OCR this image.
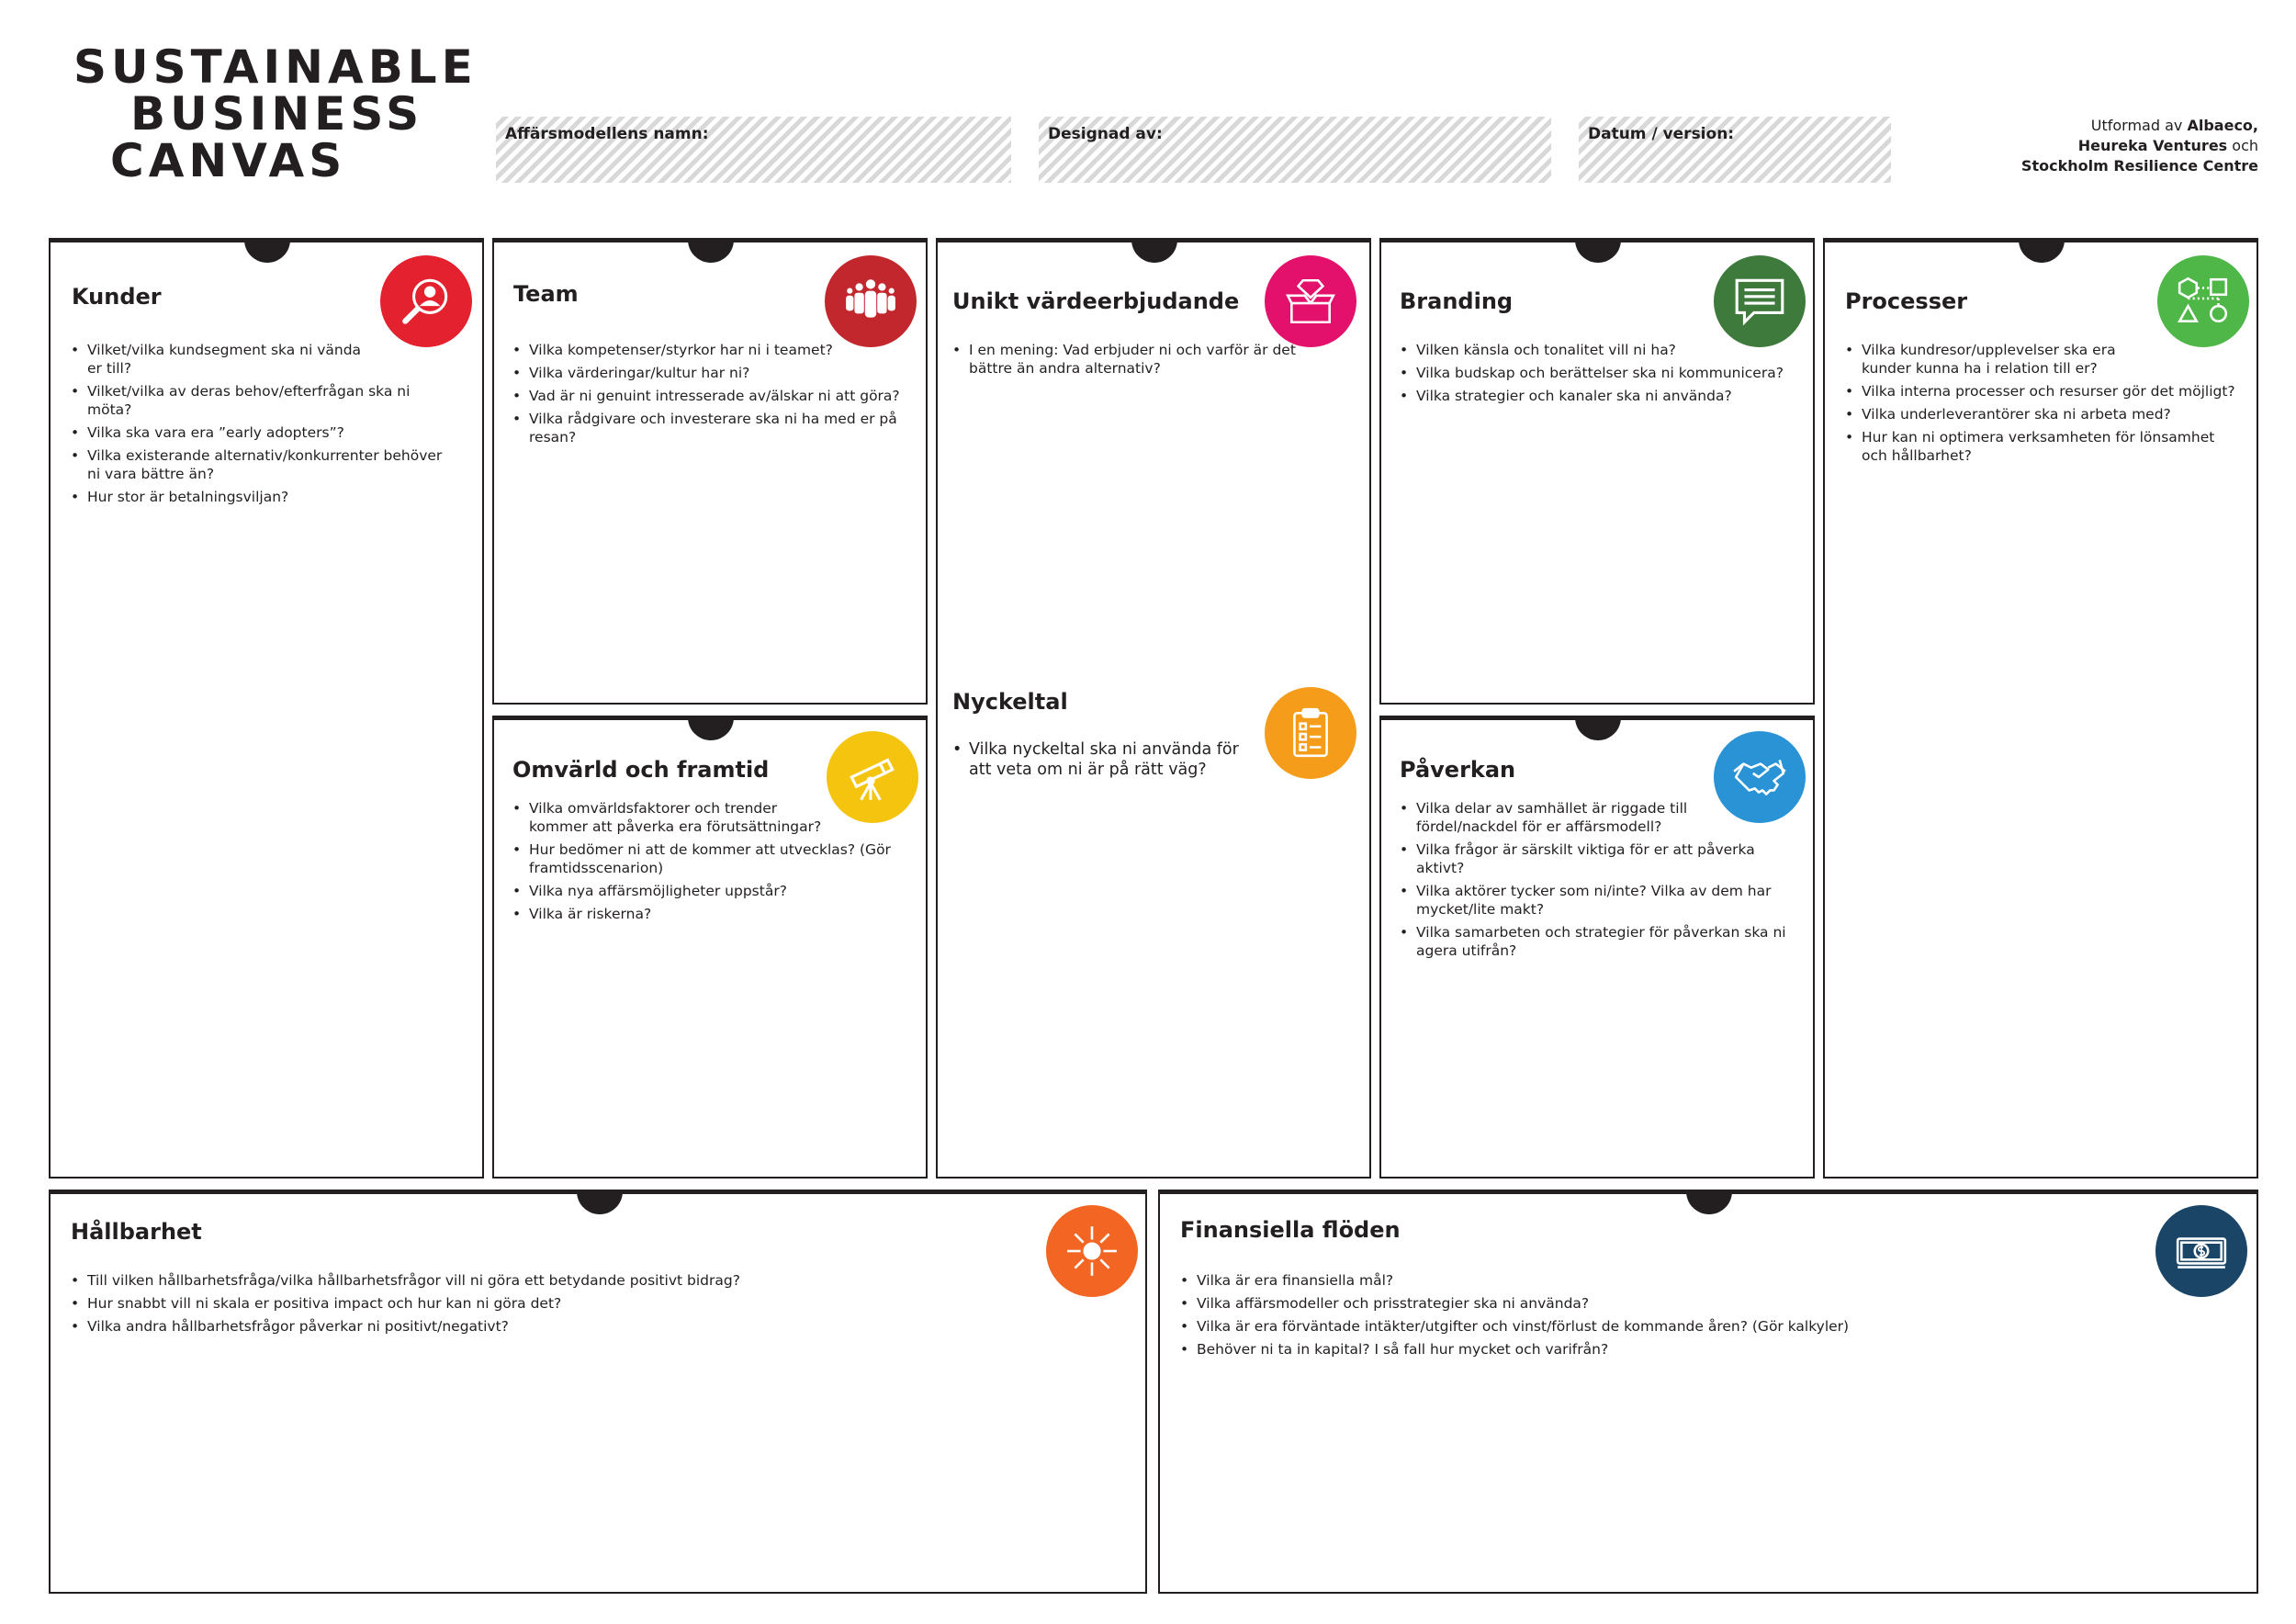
SUSTAINABLE
BUSINESS
CANVAS	Affärsmodellens namn:	Designad av:	Datum / version:	Utformad av Albaeco,
Heureka Ventures och
Stockholm Resilience Centre
Kunder
• Vilket/vilka kundsegment ska ni vända er till?
• Vilket/vilka av deras behov/efterfrågan ska ni möta?
• Vilka ska vara era ”early adopters”?
• Vilka existerande alternativ/konkurrenter behöver ni vara bättre än?
• Hur stor är betalningsviljan?
Team
• Vilka kompetenser/styrkor har ni i teamet?
• Vilka värderingar/kultur har ni?
• Vad är ni genuint intresserade av/älskar ni att göra?
• Vilka rådgivare och investerare ska ni ha med er på resan?
Unikt värdeerbjudande
• I en mening: Vad erbjuder ni och varför är det bättre än andra alternativ?
Nyckeltal
• Vilka nyckeltal ska ni använda för att veta om ni är på rätt väg?
Branding
• Vilken känsla och tonalitet vill ni ha?
• Vilka budskap och berättelser ska ni kommunicera?
• Vilka strategier och kanaler ska ni använda?
Processer
• Vilka kundresor/upplevelser ska era kunder kunna ha i relation till er?
• Vilka interna processer och resurser gör det möjligt?
• Vilka underleverantörer ska ni arbeta med?
• Hur kan ni optimera verksamheten för lönsamhet och hållbarhet?
Omvärld och framtid
• Vilka omvärldsfaktorer och trender kommer att påverka era förutsättningar?
• Hur bedömer ni att de kommer att utvecklas? (Gör framtidsscenarion)
• Vilka nya affärsmöjligheter uppstår?
• Vilka är riskerna?
Påverkan
• Vilka delar av samhället är riggade till fördel/nackdel för er affärsmodell?
• Vilka frågor är särskilt viktiga för er att påverka aktivt?
• Vilka aktörer tycker som ni/inte? Vilka av dem har mycket/lite makt?
• Vilka samarbeten och strategier för påverkan ska ni agera utifrån?
Hållbarhet
• Till vilken hållbarhetsfråga/vilka hållbarhetsfrågor vill ni göra ett betydande positivt bidrag?
• Hur snabbt vill ni skala er positiva impact och hur kan ni göra det?
• Vilka andra hållbarhetsfrågor påverkar ni positivt/negativt?
Finansiella flöden
• Vilka är era finansiella mål?
• Vilka affärsmodeller och prisstrategier ska ni använda?
• Vilka är era förväntade intäkter/utgifter och vinst/förlust de kommande åren? (Gör kalkyler)
• Behöver ni ta in kapital? I så fall hur mycket och varifrån?
